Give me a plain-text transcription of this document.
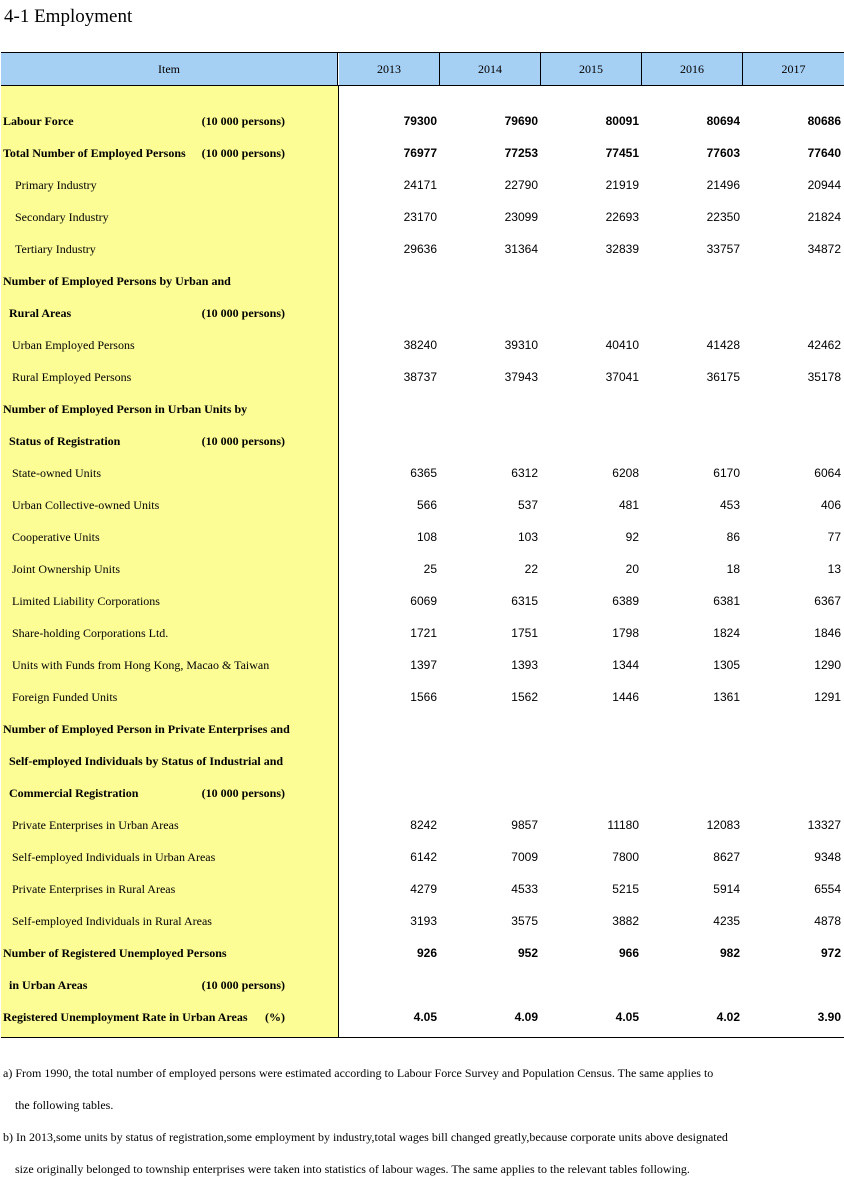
4-1 Employment
Item	2013	2014	2015	2016	2017
Labour Force	(10 000 persons)	79300	79690	80091	80694	80686
Total Number of Employed Persons (10 000 persons)	76977	77253	77451	77603	77640
Primary Industry	24171	22790	21919	21496	20944
Secondary Industry	23170	23099	22693	22350	21824
Tertiary Industry	29636	31364	32839	33757	34872
Number of Employed Persons by Urban and
Rural Areas	(10 000 persons)
Urban Employed Persons	38240	39310	40410	41428	42462
Rural Employed Persons	38737	37943	37041	36175	35178
Number of Employed Person in Urban Units by
Status of Registration	(10 000 persons)
State-owned Units	6365	6312	6208	6170	6064
Urban Collective-owned Units	566	537	481	453	406
Cooperative Units	108	103	92	86	77
Joint Ownership Units	25	22	20	18	13
Limited Liability Corporations	6069	6315	6389	6381	6367
Share-holding Corporations Ltd.	1721	1751	1798	1824	1846
Units with Funds from Hong Kong, Macao & Taiwan	1397	1393	1344	1305	1290
Foreign Funded Units	1566	1562	1446	1361	1291
Number of Employed Person in Private Enterprises and
Self-employed Individuals by Status of Industrial and
Commercial Registration	(10 000 persons)
Private Enterprises in Urban Areas	8242	9857	11180	12083	13327
Self-employed Individuals in Urban Areas	6142	7009	7800	8627	9348
Private Enterprises in Rural Areas	4279	4533	5215	5914	6554
Self-employed Individuals in Rural Areas	3193	3575	3882	4235	4878
Number of Registered Unemployed Persons	926	952	966	982	972
in Urban Areas	(10 000 persons)
Registered Unemployment Rate in Urban Areas (%)	4.05	4.09	4.05	4.02	3.90
a) From 1990, the total number of employed persons were estimated according to Labour Force Survey and Population Census. The same applies to
the following tables.
b) In 2013,some units by status of registration,some employment by industry,total wages bill changed greatly,because corporate units above designated
size originally belonged to township enterprises were taken into statistics of labour wages. The same applies to the relevant tables following.
